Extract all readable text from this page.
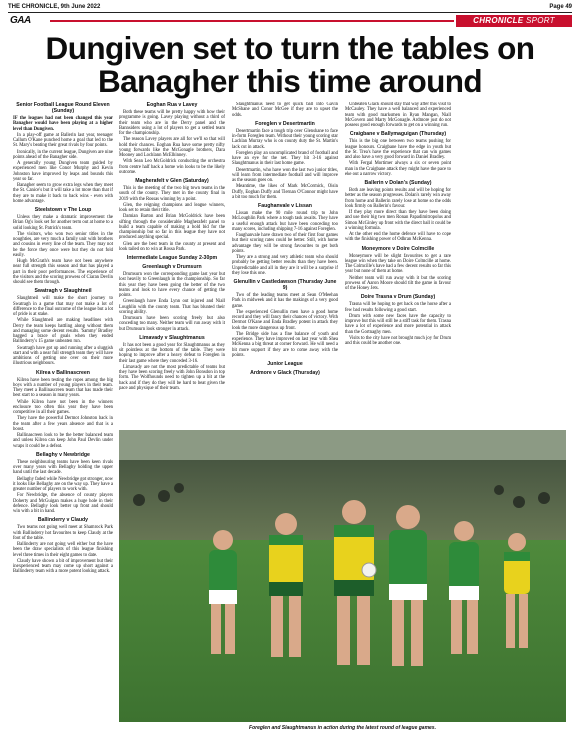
THE CHRONICLE, 9th June 2022	Page 49
GAA	CHRONICLE SPORT
Dungiven set to turn the tables on Banagher this time around
Senior Football League Round Eleven (Sunday)

IF the leagues had not been changed this year Banagher would have been playing at a higher level than Dungiven.

In a play-off game at Ballerin last year, teenager Callum O'Kane punched home a goal that led to the St. Mary's beating their great rivals by four points.

Ironically, in the current league, Dungiven are nine points ahead of the Banagher side.

A generally young Dungiven team guided by experienced men like Conor Murphy and Kevin Johnston have improved by leaps and bounds this year so far.

Banagher seem to grow extra legs when they meet the St. Canice's but it will take a lot more than that if they are to make it back to back wins - even with home advantage.

Steelstown v The Loup

Unless they make a dramatic improvement the Brian Og's look set for another term out at home to a solid looking St. Patrick's team.

The visitors, who won two senior titles in the noughties, are very much a family unit with brothers and cousins in every line of the team. They may not be the force they once were but they do not fold easily.

Hugh McGrath's team have not been anywhere near full strength this season and that has played a part in their poor performances. The experience of the visitors and the scoring prowess of Ciaran Devlin should see them through.

Swatragh v Slaughtneil

Slaughtneil will make the short journey to Swatragh in a game that may not make a lot of difference to the final outcome of the league but a lot of pride is at stake.

While Slaughtneil are making headlines with Derry the team keeps battling along without them and managing some decent results. 'Sammy' Bradley bagged a brace of goals when they ended Ballinderry's 15 game unbeaten run.

Swatragh have got up and running after a sluggish start and with a near full strength team they will have ambitions of getting one over on their more illustrious neighbours.

Kilrea v Ballinascreen

Kilrea have been testing the ropes among the big boys with a number of young players in their team. They meet a Ballinascreen team that has made their best start to a season in many years.

While Kilrea have not been in the winners enclosure too often this year they have been competitive in all their games.

They have the powerful Dermot Johnston back in the team after a few years absence and that is a boost.

Ballinascreen look to be the better balanced team and unless Kilrea can keep John Paul Devlin under wraps it could be a defeat.

Bellaghy v Newbridge

These neighbouring teams have been keen rivals over many years with Bellaghy holding the upper hand until the last decade.

Bellaghy faded while Newbridge got stronger, now it looks like Bellaghy are on the way up. They have a greater number of players to work with.

For Newbridge, the absence of county players Doherty and McGuigan makes a huge hole in their defence. Bellaghy look better up front and should win with a bit in hand.

Ballinderry v Claudy

Two teams not going well meet at Shamrock Park with Ballinderry hot favourites to keep Claudy at the foot of the table.

Ballinderry are not going well either but the have been the draw specialists of this league finishing level three times in their eight games to date.

Claudy have shown a bit of improvement but their inexperienced team may come up short against a Ballinderry team with a more potent looking attack.

Eoghan Rua v Lavey

Both these teams will be pretty happy with how their programme is going. Lavey playing without a third of their team who are in the Derry panel and the Bannsiders using a lot of players to get a settled team for the championship.

The reason Lavey players are all for we'll so that will hold their chances. Eoghan Rua have some pretty nifty young forwards like the McGonagle brothers, Dara Mooney and Lochlann McElhinney.

With Sean Leo McGoldrick conducting the orchestra from centre half back a home win looks to be the likely outcome.

Magherafelt v Glen (Saturday)

This is the meeting of the two big town teams in the south of the county. They met in the county final in 2019 with the Rossas winning by a point.

Glen, the reigning champions and league winners, look set to retain their title.

Damian Barton and Brian McGoldrick have been sifting through the considerable Magherafelt panel to build a team capable of making a bold bid for the championship but so far in this league they have not produced anything special.

Glen are the best team in the county at present and look tailed on to win at Rossa Park.

Intermediate League Sunday 2-30pm
Greenlaugh v Drumsurn

Drumsurn won the corresponding game last year but lost heavily to Greenlaugh in the championship. So far this year they have been going the better of the two teams and look to have every chance of getting the points.

Greenlaugh have Enda Lynn out injured and Niall Loughlin with the county team. That has blunted their scoring ability.

Drumsurn have been scoring freely but also conceding too many. Neither team will run away with it but Drumsurn look stronger in attack.

Limavady v Slaughtmanus

It has not been a good year for Slaughtmanus as they sit pointless at the bottom of the table. They were hoping to improve after a heavy defeat to Foreglen in their last game where they conceded 3-16.

Limavady are not the most predictable of teams but they have been scoring freely with John Bonsdon in top form. The Wolfhounds need to tighten up a bit at the back and if they do they will be hard to beat given the pace and physique of their team.

Slaughtmanus need to get quick ball into Gavin McShane and Conor McGee if they are to upset the odds.

Foreglen v Desertmartin

Desertmartin face a tough trip over Glenshane to face in-form Foreglen team. Without their young scoring star Lachlan Murray who is on county duty the St. Martin's lack cut in attack.

Foreglen play an uncomplicated brand of football and have an eye for the net. They hit 3-16 against Slaughtmanus in their last home game.

Desertmartin, who have won the last two junior titles, will learn from intermediate football and will improve as the season goes on.

Meantime, the likes of Mark McCormick, Oisin Duffy, Eoghan Duffy and Tiernan O'Connor might have a bit too much for them.

Faughanvale v Lissan

Lissan make the 90 mile round trip to John McLoughlin Park where a tough task awaits. They have a useful enough attack but have been conceding too many scores, including shipping 7-16 against Foreglen.

Faughanvale have drawn two of their first four games but their scoring rates could be better. Still, with home advantage they will be strong favourites to get both points.

They are a strong and very athletic team who should probably be getting better results than they have been. Unpredictable and all in they are it will be a surprise if they lose this one.

Glenullin v Castledawson (Thursday June 9)

Two of the leading teams meet at Sean O'Meehan Park in midweek and it has the makings of a very good game.

The experienced Glenullin men have a good home record and they will fancy their chances of victory. With Dermot O'Kane and Enda Bradley potent in attack they look the more dangerous up front.

The Bridge side has a fine balance of youth and experience. They have improved on last year with Shea McKenna a big threat at corner forward. He will need a bit more support if they are to come away with the points.

Junior League
Ardmore v Glack (Thursday)

Unbeaten Glack should stay that way after this visit to McCauley. They have a well balanced and experienced team with good marksmen in Ryan Mangan, Niall McGovern and Marty McGonagle. Ardmore just do not possess good enough forwards to get on a winning run.

Craigbane v Ballymaguigan (Thursday)

This is the big one between two teams pushing for league honours. Craigbane have the edge in youth but the St. Trea's have the experience that can win games and also have a very good forward in Daniel Bradley.

With Fergal Mortimer always a six or seven point man in the Craigbane attack they might have the pace to eke out a narrow victory.

Ballerin v Dolan's (Sunday)

Both are leaving points results and will be hoping for better as the season progresses. Dolan's rarely win away from home and Ballerin rarely lose at home so the odds look firmly on Ballerin's favour.

If they play more direct than they have been doing and use their big two men Ronan Papadimitropolus and Simon McGinley up front with the direct ball it could be a winning formula.

At the other end the home defence will have to cope with the finishing power of Odhran McKenna.

Moneymore v Doire Colmcille

Moneymore will be slight favourites to get a rare league win when they take on Doire Colmcille at home. The Colmcille's have had a few decent results so far this year but none of them at home.

Neither team will run away with it but the scoring prowess of Aaron Moore should tilt the game in favour of the Honey Jets.

Doire Trasna v Drum (Sunday)

Trasna will be hoping to get back on the horse after a few bad results following a good start.

Drum with some new faces have the capacity to improve but this will still be a stiff task for them. Trasna have a lot of experience and more potential in attack than the Gortnaghy men.

Visits to the city have not brought much joy for Drum and this could be another one.

Foreglen and Slaughtmanus in action during the latest round of league games.
